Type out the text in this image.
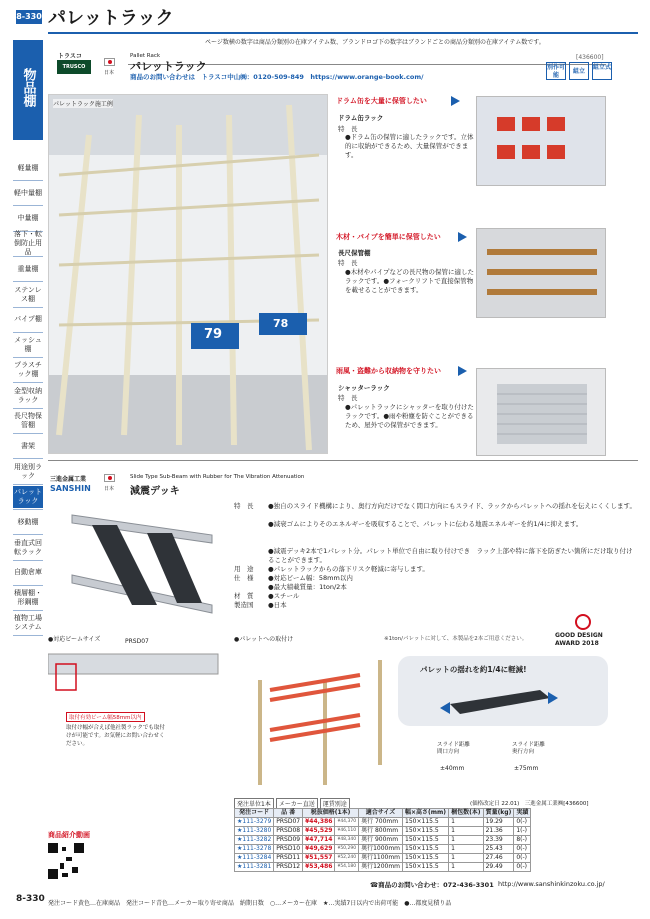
8-330 パレットラック
ページ数横の数字は商品分類別の在庫アイテム数、ブランドロゴ下の数字はブランドごとの商品分類別の在庫アイテム数です。
物品棚
軽量棚
軽中量棚
中量棚
落下・転倒防止用品
重量棚
ステンレス棚
パイプ棚
メッシュ棚
プラスチック棚
金型収納ラック
長尺物保管棚
書架
用途別ラック
パレットラック
移動棚
垂直式回転ラック
自動倉庫
積層棚・形鋼棚
植物工場システム
トラスコ
TRUSCO
日本
Pallet Rack
パレットラック
[436600]
商品のお問い合わせは　トラスコ中山㈱：0120-509-849　https://www.orange-book.com/
別作可能
組立
組立式
パレットラック施工例
79
78
ドラム缶を大量に保管したい
ドラム缶ラック
特　長
●ドラム缶の保管に適したラックです。立体的に収納ができるため、大量保管ができます。
木材・パイプを簡単に保管したい
長尺保管棚
特　長
●木材やパイプなどの長尺物の保管に適したラックです。●フォークリフトで直接保管物を載せることができます。
雨風・盗難から収納物を守りたい
シャッターラック
特　長
●パレットラックにシャッターを取り付けたラックです。●雨や粉塵を防ぐことができるため、屋外での保管ができます。
三進金属工業
SANSHIN	日本
Slide Type Sub-Beam with Rubber for The Vibration Attenuation
減震デッキ
PRSD07
特　長 ●独自のスライド機構により、奥行方向だけでなく間口方向にもスライド、ラックからパレットへの揺れを伝えにくくします。
●減衰ゴムによりそのエネルギーを吸収することで、パレットに伝わる地震エネルギーを約1/4に抑えます。
●減震デッキ2本で1パレット分。パレット単位で自由に取り付けでき　ラック上部や特に落下を防ぎたい箇所にだけ取り付けることができます。
用　途 ●パレットラックからの落下リスク軽減に寄与します。
仕　様 ●対応ビーム幅：58mm以内
●最大積載質量：1ton/2本
材　質 ●スチール
製造国 ●日本
GOOD DESIGN
AWARD 2018
●対応ビームサイズ
取付有効ビーム幅58mm以内
取付け幅が合えば他社製ラックでも取付けが可能です。お気軽にお問い合わせください。
●パレットへの取付け	※1ton/パレットに対して、本製品を2本ご用意ください。
パレットの揺れを約1/4に軽減!
スライド距離 間口方向
±40mm
スライド距離 奥行方向
±75mm
発注単位1本	メーカー直送	運賃別途	(価格改定日 22.01)　三進金属工業㈱[436600]
発注コード	品 番	税抜価格(1本)		適合サイズ	幅×高さ(mm)	梱包数(本)	質量(kg)	実績
★111-3279	PRSD07	¥44,386	¥44,370	奥行 700mm	150×115.5	1	19.29	0(-)
★111-3280	PRSD08	¥45,529	¥46,110	奥行 800mm	150×115.5	1	21.36	1(-)
★111-3282	PRSD09	¥47,714	¥48,340	奥行 900mm	150×115.5	1	23.39	8(-)
★111-3278	PRSD10	¥49,629	¥50,290	奥行1000mm	150×115.5	1	25.43	0(-)
★111-3284	PRSD11	¥51,557	¥52,240	奥行1100mm	150×115.5	1	27.46	0(-)
★111-3281	PRSD12	¥53,486	¥54,180	奥行1200mm	150×115.5	1	29.49	0(-)
☎商品のお問い合わせ：072-436-3301 http://www.sanshinkinzoku.co.jp/
商品紹介動画
8-330 発注コード黄色…在庫商品　発注コード青色…メーカー取り寄せ商品　納期日数　○…メーカー在庫　★…実績7日以内で出荷可能　●…都度見積り品
